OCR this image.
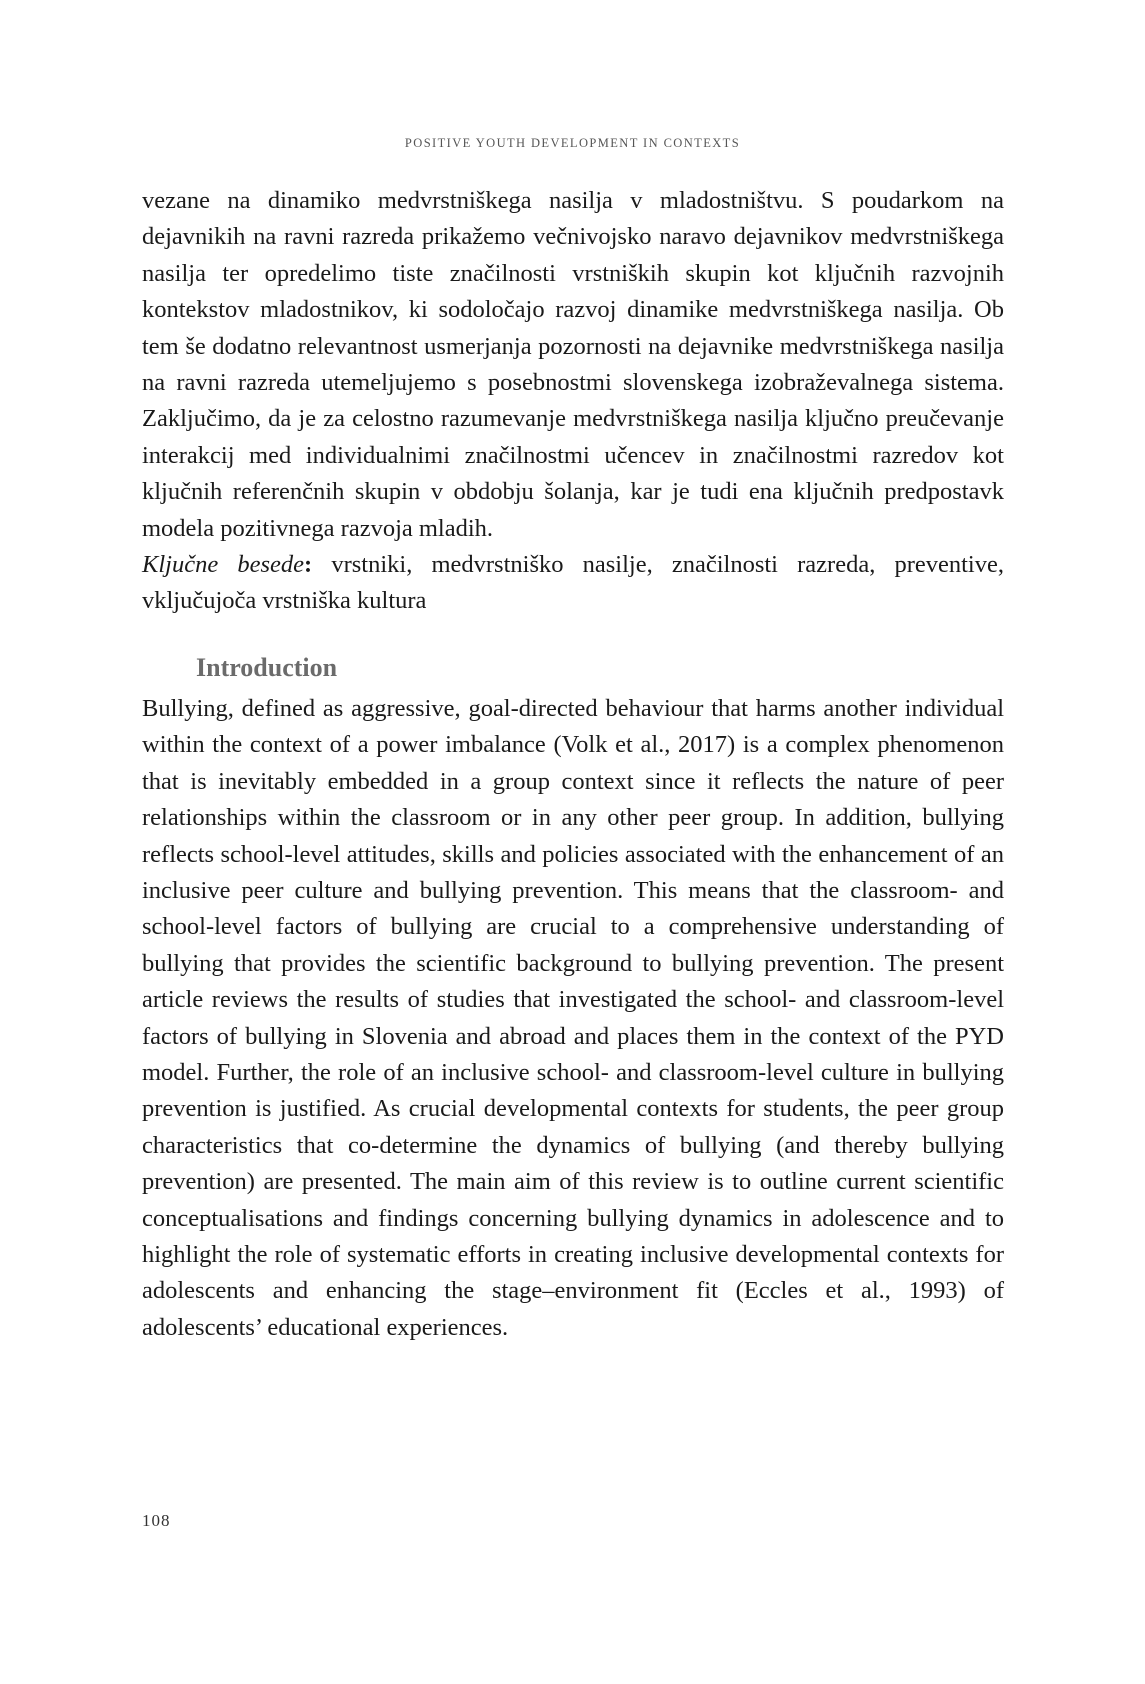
POSITIVE YOUTH DEVELOPMENT IN CONTEXTS

vezane na dinamiko medvrstniškega nasilja v mladostništvu. S poudarkom na dejavnikih na ravni razreda prikažemo večnivojsko naravo dejavnikov medvrstniškega nasilja ter opredelimo tiste značilnosti vrstniških skupin kot ključnih razvojnih kontekstov mladostnikov, ki sodoločajo razvoj dinamike medvrstniškega nasilja. Ob tem še dodatno relevantnost usmerjanja pozornosti na dejavnike medvrstniškega nasilja na ravni razreda utemeljujemo s posebnostmi slovenskega izobraževalnega sistema. Zaključimo, da je za celostno razumevanje medvrstniškega nasilja ključno preučevanje interakcij med individualnimi značilnostmi učencev in značilnostmi razredov kot ključnih referenčnih skupin v obdobju šolanja, kar je tudi ena ključnih predpostavk modela pozitivnega razvoja mladih.

Ključne besede: vrstniki, medvrstniško nasilje, značilnosti razreda, preventive, vključujoča vrstniška kultura

Introduction

Bullying, defined as aggressive, goal-directed behaviour that harms another individual within the context of a power imbalance (Volk et al., 2017) is a complex phenomenon that is inevitably embedded in a group context since it reflects the nature of peer relationships within the classroom or in any other peer group. In addition, bullying reflects school-level attitudes, skills and policies associated with the enhancement of an inclusive peer culture and bullying prevention. This means that the classroom- and school-level factors of bullying are crucial to a comprehensive understanding of bullying that provides the scientific background to bullying prevention. The present article reviews the results of studies that investigated the school- and classroom-level factors of bullying in Slovenia and abroad and places them in the context of the PYD model. Further, the role of an inclusive school- and classroom-level culture in bullying prevention is justified. As crucial developmental contexts for students, the peer group characteristics that co-determine the dynamics of bullying (and thereby bullying prevention) are presented. The main aim of this review is to outline current scientific conceptualisations and findings concerning bullying dynamics in adolescence and to highlight the role of systematic efforts in creating inclusive developmental contexts for adolescents and enhancing the stage–environment fit (Eccles et al., 1993) of adolescents’ educational experiences.

108
